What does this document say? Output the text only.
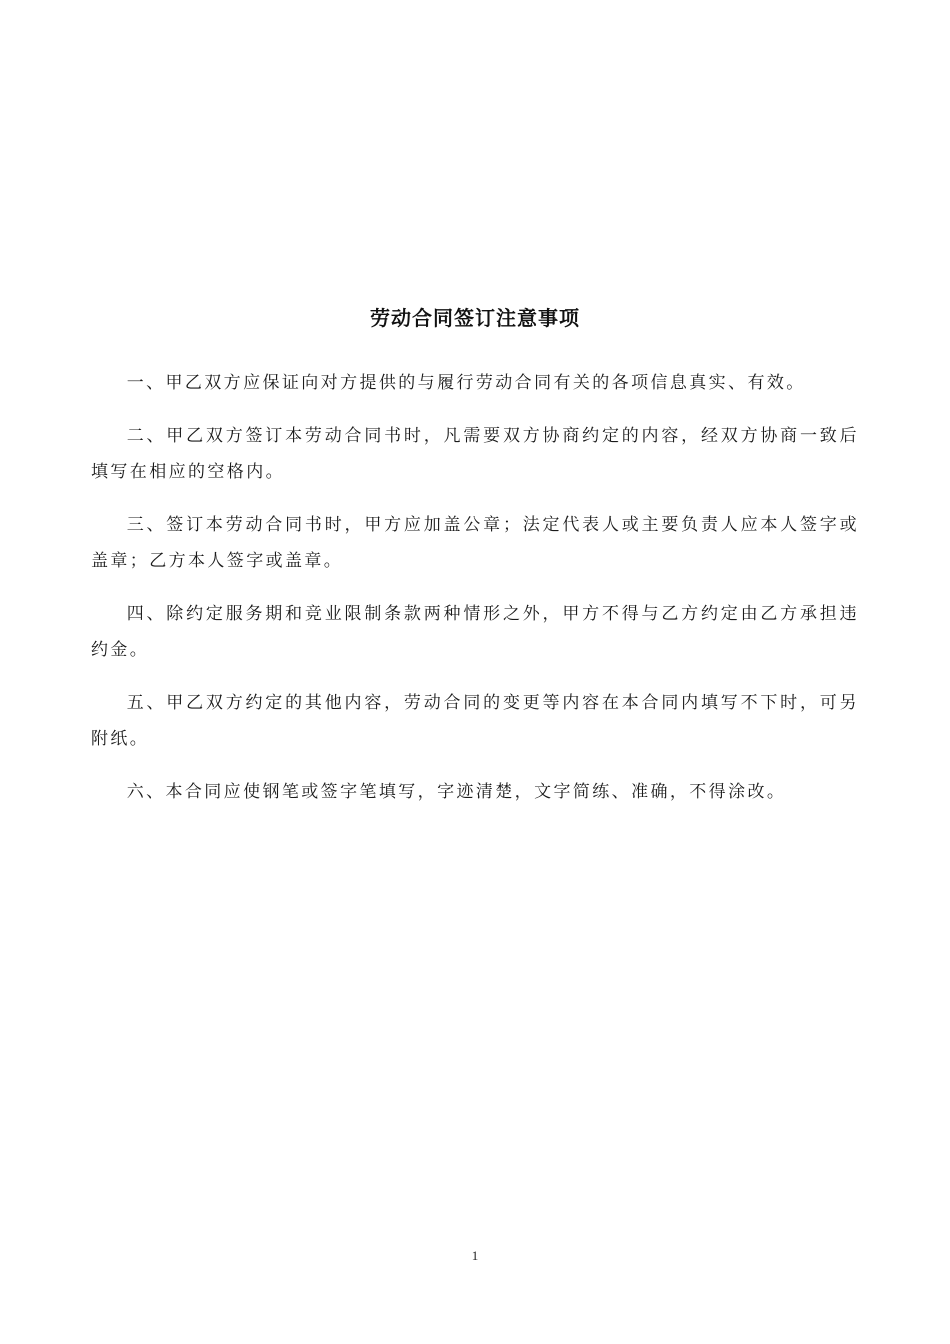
劳动合同签订注意事项

一、甲乙双方应保证向对方提供的与履行劳动合同有关的各项信息真实、有效。

二、甲乙双方签订本劳动合同书时，凡需要双方协商约定的内容，经双方协商一致后填写在相应的空格内。

三、签订本劳动合同书时，甲方应加盖公章；法定代表人或主要负责人应本人签字或盖章；乙方本人签字或盖章。

四、除约定服务期和竞业限制条款两种情形之外，甲方不得与乙方约定由乙方承担违约金。

五、甲乙双方约定的其他内容，劳动合同的变更等内容在本合同内填写不下时，可另附纸。

六、本合同应使钢笔或签字笔填写，字迹清楚，文字简练、准确，不得涂改。

1
